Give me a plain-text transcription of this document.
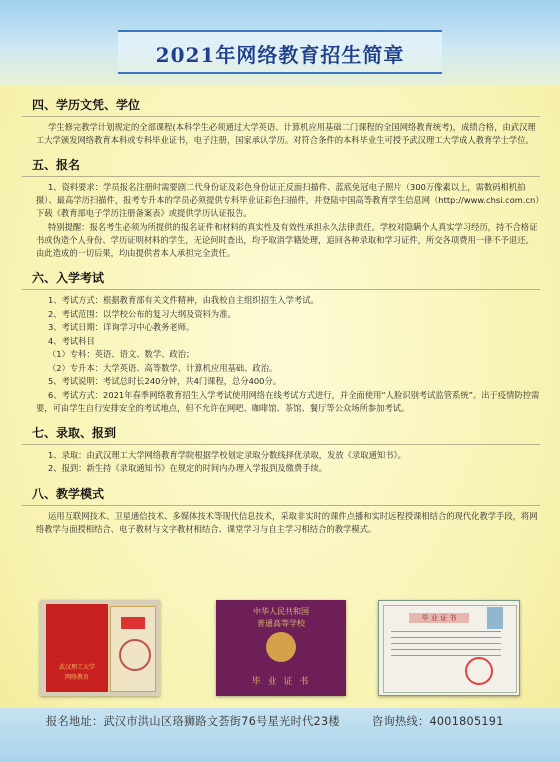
2021年网络教育招生简章
四、学历文凭、学位
学生修完教学计划规定的全部课程(本科学生必须通过大学英语、计算机应用基础二门课程的全国网络教育统考)，成绩合格，由武汉理工大学颁发网络教育本科或专科毕业证书，电子注册，国家承认学历。对符合条件的本科毕业生可授予武汉理工大学成人教育学士学位。
五、报名
1、资料要求：学员报名注册时需要剧二代身份证及彩色身份证正反面扫描件、蓝底免冠电子照片（300万像素以上，需数码相机拍摄）、最高学历扫描件，报考专升本的学员必须提供专科毕业证彩色扫描件，并登陆中国高等教育学生信息网（http://www.chsi.com.cn）下载《教育部电子学历注册备案表》或提供学历认证报告。
特别提醒：报名考生必须为所提供的报名证件和材料的真实性及有效性承担永久法律责任。学校对隐瞒个人真实学习经历，持不合格证书或伪造个人身份、学历证明材料的学生，无论何时查出，均予取消学籍处理，追回各种录取和学习证件，所交各项费用一律不予退还。由此造成的一切后果，均由提供者本人承担完全责任。
六、入学考试
1、考试方式：根据教育部有关文件精神，由我校自主组织招生入学考试。
2、考试范围：以学校公布的复习大纲及资料为准。
3、考试日期：详询学习中心教务老师。
4、考试科目
（1）专科：英语、语文、数学、政治；
（2）专升本：大学英语、高等数学、计算机应用基础、政治。
5、考试说明：考试总时长240分钟，共4门课程，总分400分。
6、考试方式：2021年春季网络教育招生入学考试使用网络在线考试方式进行，并全面使用“人脸识别考试监管系统”。出于疫情防控需要，可由学生自行安排安全的考试地点，但不允许在网吧、咖啡馆、茶馆、餐厅等公众场所参加考试。
七、录取、报到
1、录取：由武汉理工大学网络教育学院根据学校划定录取分数线择优录取，发放《录取通知书》。
2、报到：新生持《录取通知书》在规定的时间内办理入学报到及缴费手续。
八、教学模式
运用互联网技术、卫星通信技术、多媒体技术等现代信息技术，采取非实时的课件点播和实时远程授课相结合的现代化教学手段，将网络教学与面授相结合、电子教材与文字教材相结合、课堂学习与自主学习相结合的教学模式。
武汉理工大学
网络教育
中华人民共和国
普通高等学校
毕 业 证 书
毕 业 证 书
报名地址：武汉市洪山区珞狮路文荟街76号星光时代23楼	咨询热线：4001805191
